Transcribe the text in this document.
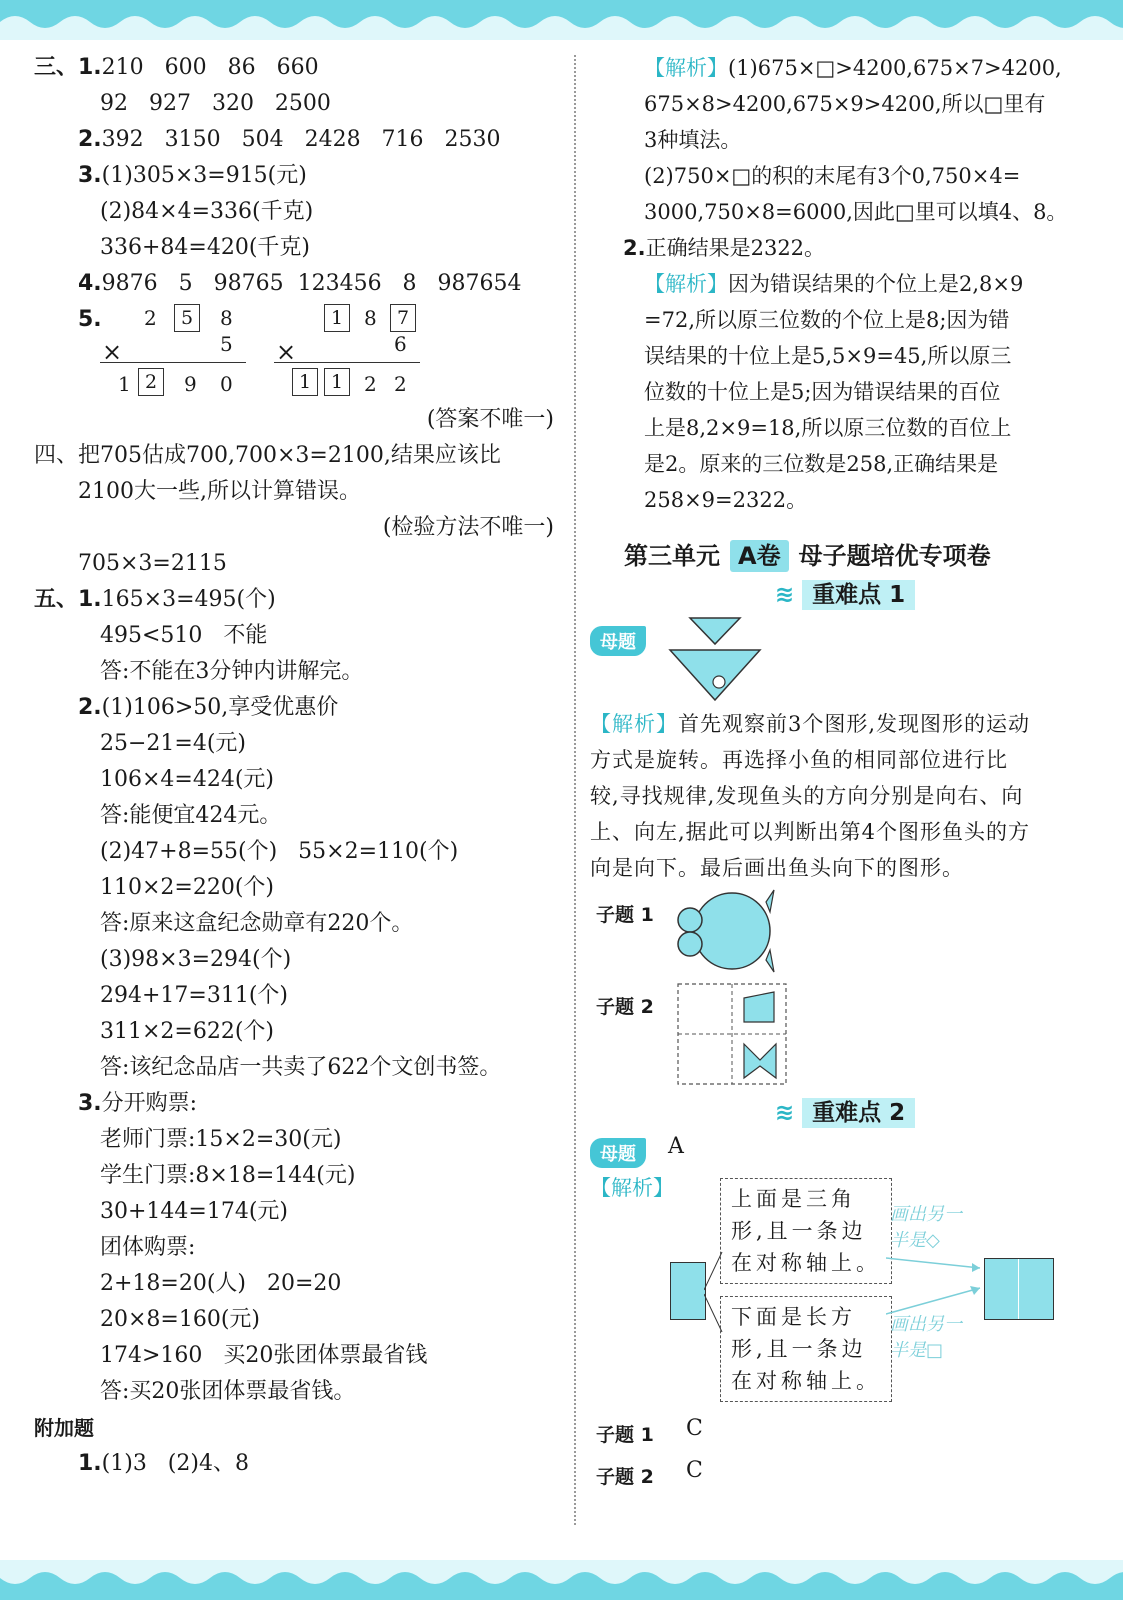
三、1.210   600   86   660
92   927   320   2500
2.392   3150   504   2428   716   2530
3.(1)305×3=915(元)
(2)84×4=336(千克)
336+84=420(千克)
4.9876   5   98765  123456   8   987654
5.	2	5	8
×	5
1 2	9 0
1	8	7
×	6
1	1	2 2
(答案不唯一)
四、把705估成700,700×3=2100,结果应该比
2100大一些,所以计算错误。
(检验方法不唯一)
705×3=2115
五、1.165×3=495(个)
495<510   不能
答:不能在3分钟内讲解完。
2.(1)106>50,享受优惠价
25−21=4(元)
106×4=424(元)
答:能便宜424元。
(2)47+8=55(个)   55×2=110(个)
110×2=220(个)
答:原来这盒纪念勋章有220个。
(3)98×3=294(个)
294+17=311(个)
311×2=622(个)
答:该纪念品店一共卖了622个文创书签。
3.分开购票:
老师门票:15×2=30(元)
学生门票:8×18=144(元)
30+144=174(元)
团体购票:
2+18=20(人)   20=20
20×8=160(元)
174>160   买20张团体票最省钱
答:买20张团体票最省钱。
附加题
1.(1)3   (2)4、8
【解析】(1)675×□>4200,675×7>4200,
675×8>4200,675×9>4200,所以□里有
3种填法。
(2)750×□的积的末尾有3个0,750×4=
3000,750×8=6000,因此□里可以填4、8。
2.正确结果是2322。
【解析】因为错误结果的个位上是2,8×9
=72,所以原三位数的个位上是8;因为错
误结果的十位上是5,5×9=45,所以原三
位数的十位上是5;因为错误结果的百位
上是8,2×9=18,所以原三位数的百位上
是2。原来的三位数是258,正确结果是
258×9=2322。
第三单元 A卷 母子题培优专项卷
≋ 重难点 1
母题
【解析】首先观察前3个图形,发现图形的运动
方式是旋转。再选择小鱼的相同部位进行比
较,寻找规律,发现鱼头的方向分别是向右、向
上、向左,据此可以判断出第4个图形鱼头的方
向是向下。最后画出鱼头向下的图形。
子题 1
子题 2
≋ 重难点 2
母题	A
【解析】	上面是三角形,且一条边在对称轴上。
下面是长方形,且一条边在对称轴上。
画出另一半是◇
画出另一半是□
子题 1 C
子题 2 C
